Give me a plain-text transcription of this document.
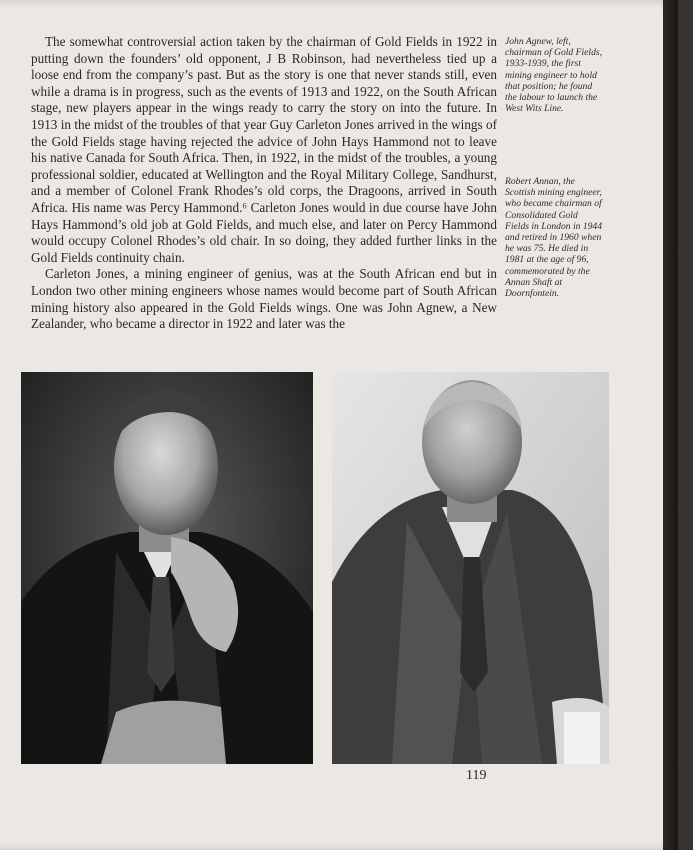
The somewhat controversial action taken by the chairman of Gold Fields in 1922 in putting down the founders’ old opponent, J B Robinson, had nevertheless tied up a loose end from the company’s past. But as the story is one that never stands still, even while a drama is in progress, such as the events of 1913 and 1922, on the South African stage, new players appear in the wings ready to carry the story on into the future. In 1913 in the midst of the troubles of that year Guy Carleton Jones arrived in the wings of the Gold Fields stage having rejected the advice of John Hays Hammond not to leave his native Canada for South Africa. Then, in 1922, in the midst of the troubles, a young professional soldier, educated at Wellington and the Royal Military College, Sandhurst, and a member of Colonel Frank Rhodes’s old corps, the Dragoons, arrived in South Africa. His name was Percy Hammond.⁶ Carleton Jones would in due course have John Hays Hammond’s old job at Gold Fields, and much else, and later on Percy Hammond would occupy Colonel Rhodes’s old chair. In so doing, they added further links in the Gold Fields continuity chain.

Carleton Jones, a mining engineer of genius, was at the South African end but in London two other mining engineers whose names would become part of South African mining history also appeared in the Gold Fields wings. One was John Agnew, a New Zealander, who became a director in 1922 and later was the

John Agnew, left, chairman of Gold Fields, 1933-1939, the first mining engineer to hold that position; he found the labour to launch the West Wits Line.
Robert Annan, the Scottish mining engineer, who became chairman of Consolidated Gold Fields in London in 1944 and retired in 1960 when he was 75. He died in 1981 at the age of 96, commemorated by the Annan Shaft at Doornfontein.
119
